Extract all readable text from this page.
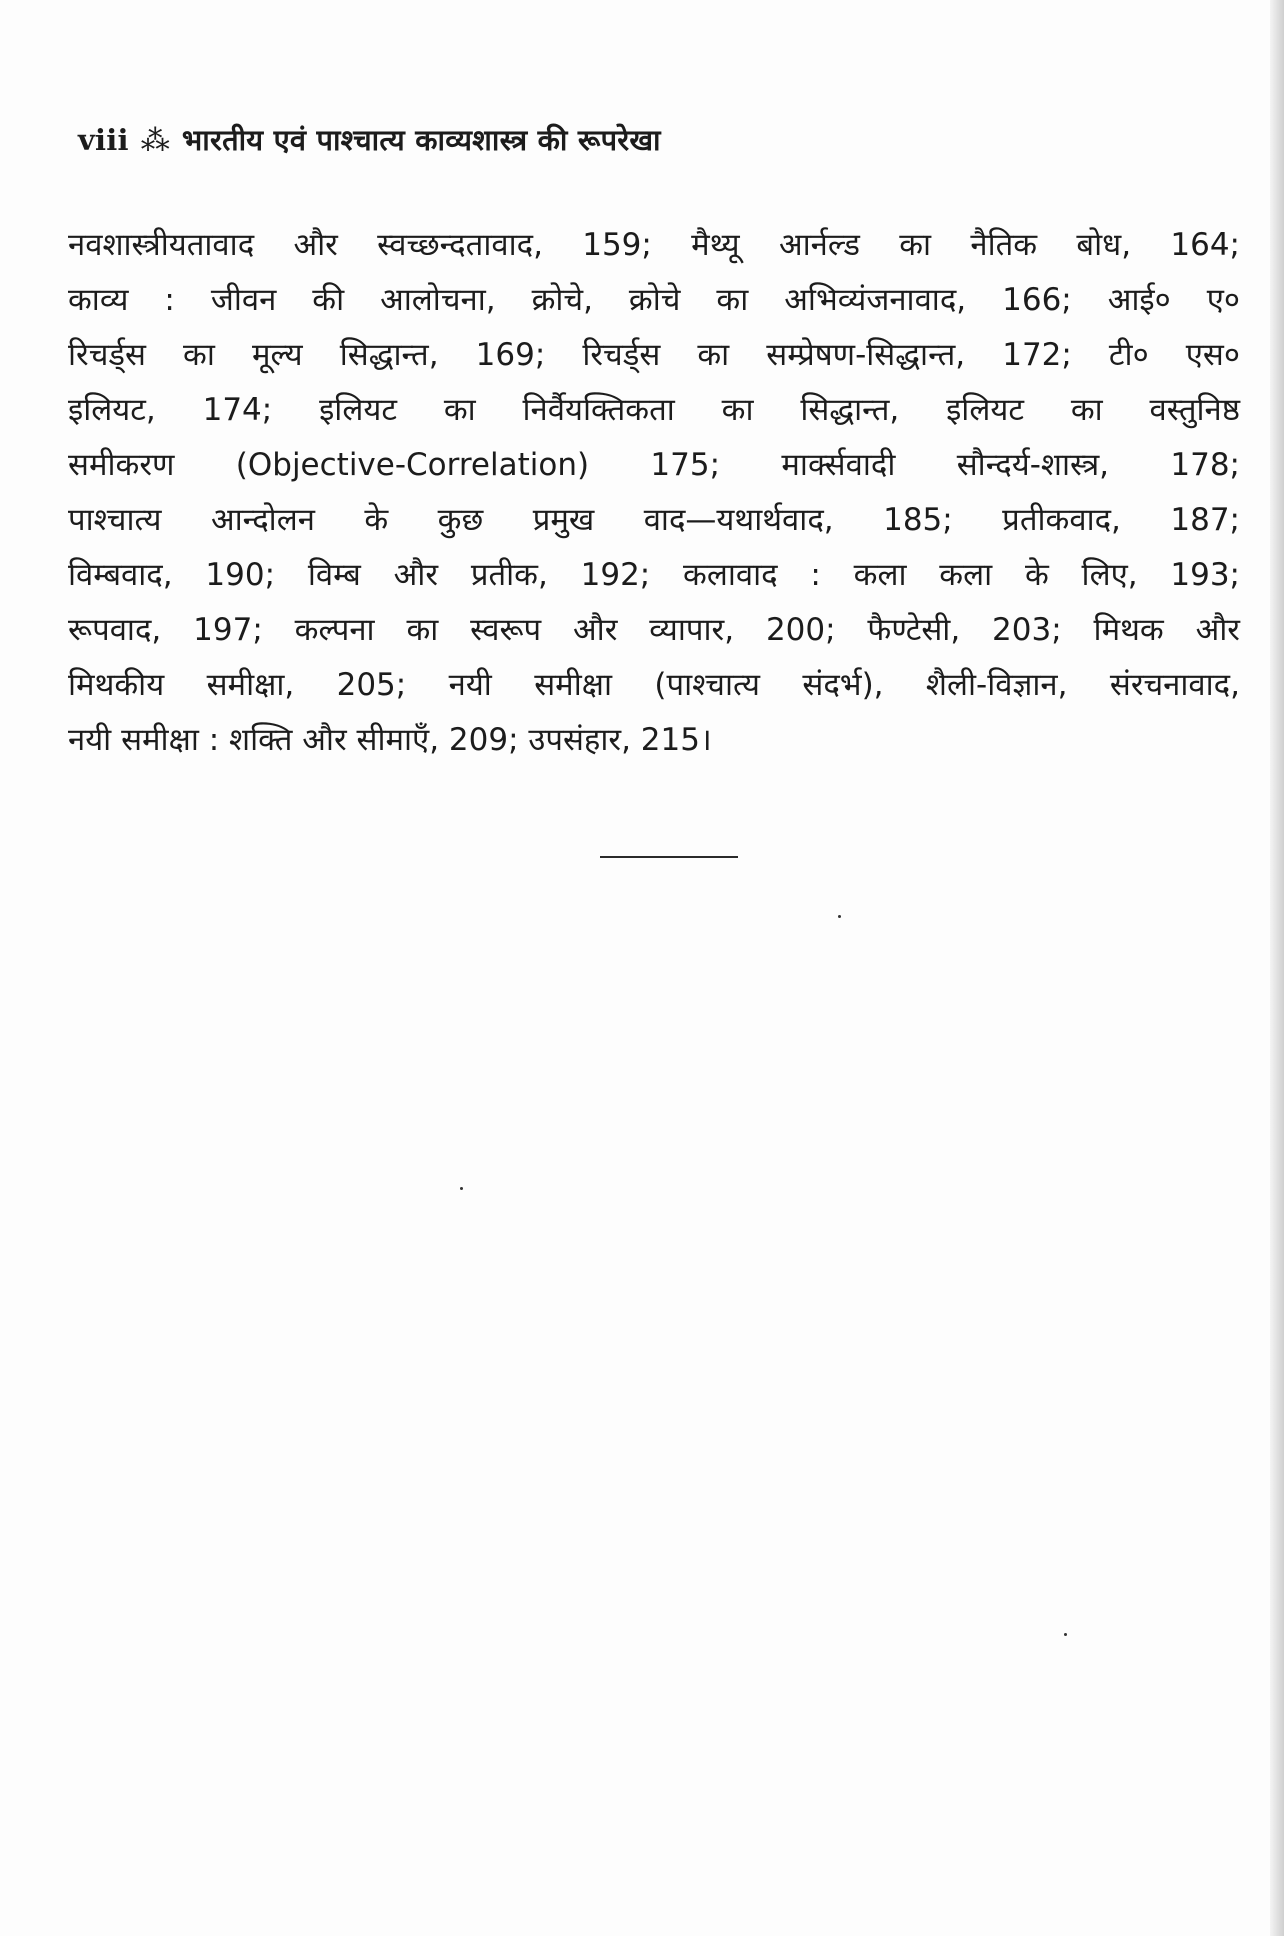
viii ⁂ भारतीय एवं पाश्चात्य काव्यशास्त्र की रूपरेखा
नवशास्त्रीयतावाद और स्वच्छन्दतावाद, 159; मैथ्यू आर्नल्ड का नैतिक बोध, 164;
काव्य : जीवन की आलोचना, क्रोचे, क्रोचे का अभिव्यंजनावाद, 166; आई० ए०
रिचर्ड्स का मूल्य सिद्धान्त, 169; रिचर्ड्स का सम्प्रेषण-सिद्धान्त, 172; टी० एस०
इलियट, 174; इलियट का निर्वैयक्तिकता का सिद्धान्त, इलियट का वस्तुनिष्ठ
समीकरण (Objective-Correlation) 175; मार्क्सवादी सौन्दर्य-शास्त्र, 178;
पाश्चात्य आन्दोलन के कुछ प्रमुख वाद—यथार्थवाद, 185; प्रतीकवाद, 187;
विम्बवाद, 190; विम्ब और प्रतीक, 192; कलावाद : कला कला के लिए, 193;
रूपवाद, 197; कल्पना का स्वरूप और व्यापार, 200; फैण्टेसी, 203; मिथक और
मिथकीय समीक्षा, 205; नयी समीक्षा (पाश्चात्य संदर्भ), शैली-विज्ञान, संरचनावाद,
नयी समीक्षा : शक्ति और सीमाएँ, 209; उपसंहार, 215।
